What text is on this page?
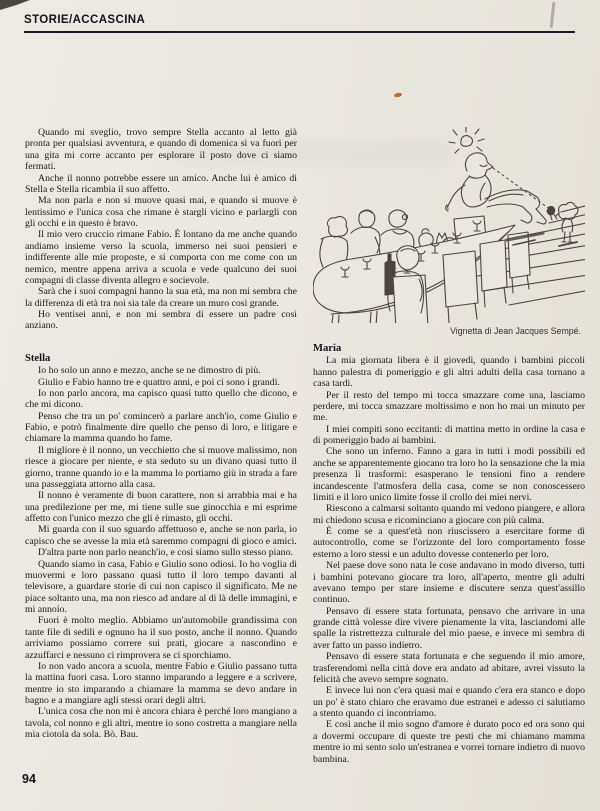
STORIE/ACCASCINA

Quando mi sveglio, trovo sempre Stella accanto al letto già pronta per qualsiasi avventura, e quando di domenica si va fuori per una gita mi corre accanto per esplorare il posto dove ci siamo fermati.

Anche il nonno potrebbe essere un amico. Anche lui è amico di Stella e Stella ricambia il suo affetto.

Ma non parla e non si muove quasi mai, e quando si muove è lentissimo e l'unica cosa che rimane è stargli vicino e parlargli con gli occhi e in questo è bravo.

Il mio vero cruccio rimane Fabio. È lontano da me anche quando andiamo insieme verso la scuola, immerso nei suoi pensieri e indifferente alle mie proposte, e si comporta con me come con un nemico, mentre appena arriva a scuola e vede qualcuno dei suoi compagni di classe diventa allegro e socievole.

Sarà che i suoi compagni hanno la sua età, ma non mi sembra che la differenza di età tra noi sia tale da creare un muro così grande.

Ho ventisei anni, e non mi sembra di essere un padre così anziano.

Stella

Io ho solo un anno e mezzo, anche se ne dimostro di più.

Giulio e Fabio hanno tre e quattro anni, e poi ci sono i grandi.

Io non parlo ancora, ma capisco quasi tutto quello che dicono, e che mi dicono.

Penso che tra un po' comincerò a parlare anch'io, come Giulio e Fabio, e potrò finalmente dire quello che penso di loro, e litigare e chiamare la mamma quando ho fame.

Il migliore è il nonno, un vecchietto che si muove malissimo, non riesce a giocare per niente, e sta seduto su un divano quasi tutto il giorno, tranne quando io e la mamma lo portiamo giù in strada a fare una passeggiata attorno alla casa.

Il nonno è veramente di buon carattere, non si arrabbia mai e ha una predilezione per me, mi tiene sulle sue ginocchia e mi esprime affetto con l'unico mezzo che gli è rimasto, gli occhi.

Mi guarda con il suo sguardo affettuoso e, anche se non parla, io capisco che se avesse la mia età saremmo compagni di gioco e amici.

D'altra parte non parlo neanch'io, e così siamo sullo stesso piano.

Quando siamo in casa, Fabio e Giulio sono odiosi. Io ho voglia di muovermi e loro passano quasi tutto il loro tempo davanti al televisore, a guardare storie di cui non capisco il significato. Me ne piace soltanto una, ma non riesco ad andare al di là delle immagini, e mi annoio.

Fuori è molto meglio. Abbiamo un'automobile grandissima con tante file di sedili e ognuno ha il suo posto, anche il nonno. Quando arriviamo possiamo correre sui prati, giocare a nascondino e azzuffarci e nessuno ci rimprovera se ci sporchiamo.

Io non vado ancora a scuola, mentre Fabio e Giulio passano tutta la mattina fuori casa. Loro stanno imparando a leggere e a scrivere, mentre io sto imparando a chiamare la mamma se devo andare in bagno e a mangiare agli stessi orari degli altri.

L'unica cosa che non mi è ancora chiara è perché loro mangiano a tavola, col nonno e gli altri, mentre io sono costretta a mangiare nella mia ciotola da sola. Bò. Bau.

Vignetta di Jean Jacques Sempé.
Maria

La mia giornata libera è il giovedì, quando i bambini piccoli hanno palestra di pomeriggio e gli altri adulti della casa tornano a casa tardi.

Per il resto del tempo mi tocca smazzare come una, lasciamo perdere, mi tocca smazzare moltissimo e non ho mai un minuto per me.

I miei compiti sono eccitanti: di mattina metto in ordine la casa e di pomeriggio bado ai bambini.

Che sono un inferno. Fanno a gara in tutti i modi possibili ed anche se apparentemente giocano tra loro ho la sensazione che la mia presenza li trasformi: esasperano le tensioni fino a rendere incandescente l'atmosfera della casa, come se non conoscessero limiti e il loro unico limite fosse il crollo dei miei nervi.

Riescono a calmarsi soltanto quando mi vedono piangere, e allora mi chiedono scusa e ricominciano a giocare con più calma.

È come se a quest'età non riuscissero a esercitare forme di autocontrollo, come se l'orizzonte del loro comportamento fosse esterno a loro stessi e un adulto dovesse contenerlo per loro.

Nel paese dove sono nata le cose andavano in modo diverso, tutti i bambini potevano giocare tra loro, all'aperto, mentre gli adulti avevano tempo per stare insieme e discutere senza quest'assillo continuo.

Pensavo di essere stata fortunata, pensavo che arrivare in una grande città volesse dire vivere pienamente la vita, lasciandomi alle spalle la ristrettezza culturale del mio paese, e invece mi sembra di aver fatto un passo indietro.

Pensavo di essere stata fortunata e che seguendo il mio amore, trasferendomi nella città dove era andato ad abitare, avrei vissuto la felicità che avevo sempre sognato.

E invece lui non c'era quasi mai e quando c'era era stanco e dopo un po' è stato chiaro che eravamo due estranei e adesso ci salutiamo a stento quando ci incontriamo.

E così anche il mio sogno d'amore è durato poco ed ora sono qui a dovermi occupare di queste tre pesti che mi chiamano mamma mentre io mi sento solo un'estranea e vorrei tornare indietro di nuovo bambina.

94
